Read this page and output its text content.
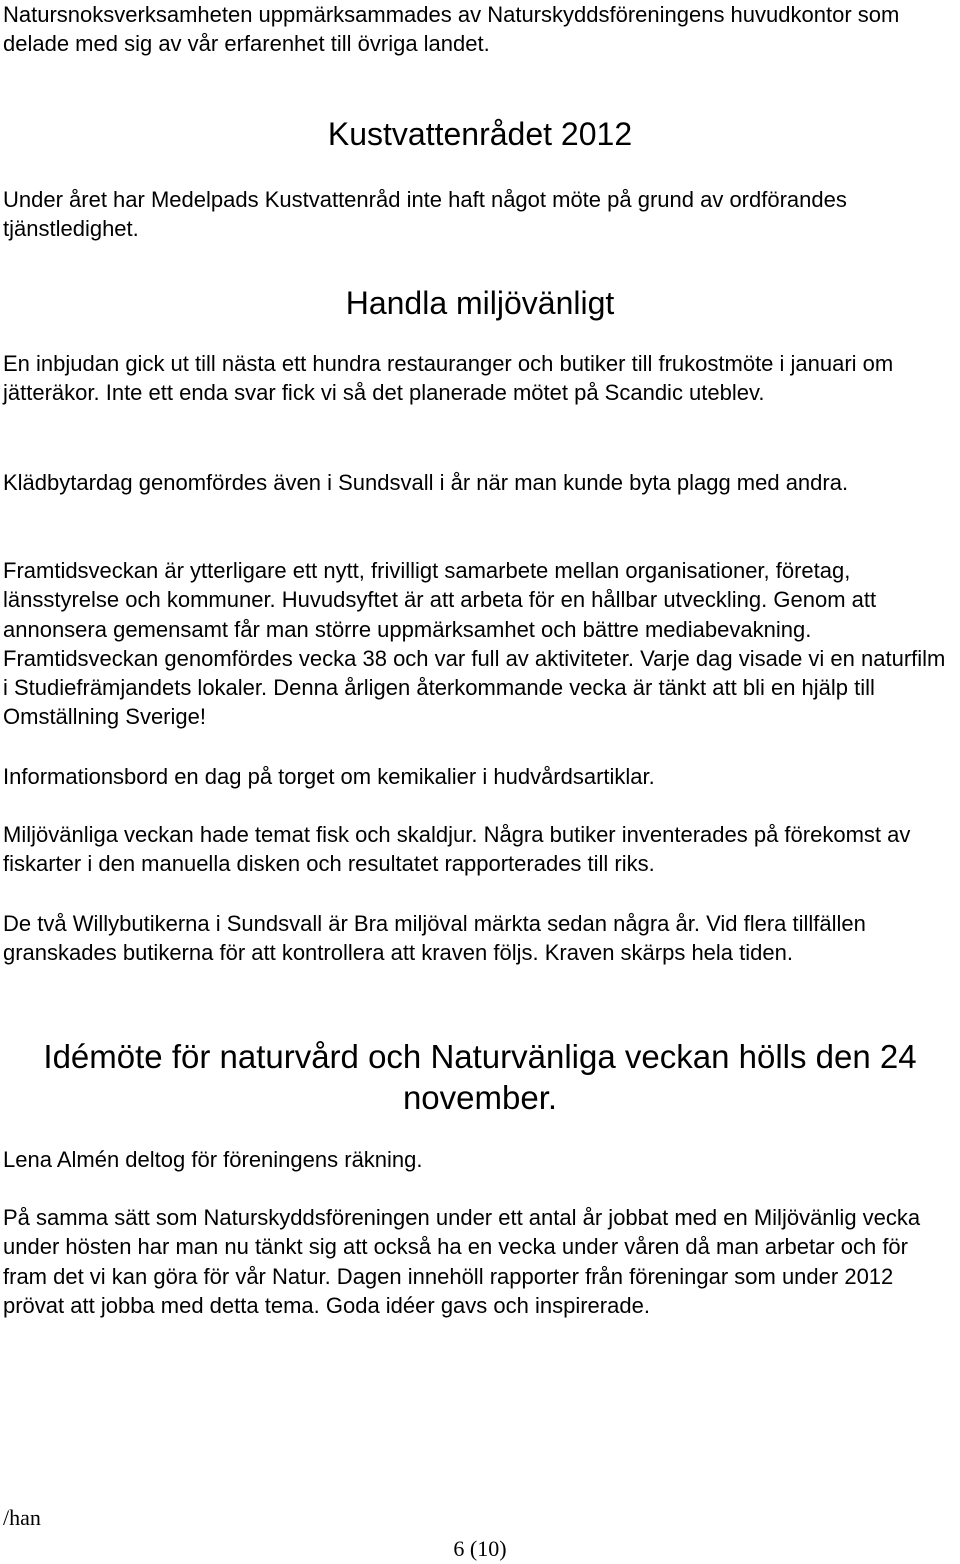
Natursnoksverksamheten uppmärksammades av Naturskyddsföreningens huvudkontor som delade med sig av vår erfarenhet till övriga landet.

Kustvattenrådet 2012

Under året har Medelpads Kustvattenråd inte haft något möte på grund av ordförandes tjänstledighet.

Handla miljövänligt

En inbjudan gick ut till nästa ett hundra restauranger och butiker till frukostmöte i januari om jätteräkor. Inte ett enda svar fick vi så det planerade mötet på Scandic uteblev.

Klädbytardag genomfördes även i Sundsvall i år när man kunde byta plagg med andra.

Framtidsveckan är ytterligare ett nytt, frivilligt samarbete mellan organisationer, företag, länsstyrelse och kommuner. Huvudsyftet är att arbeta för en hållbar utveckling. Genom att annonsera gemensamt får man större uppmärksamhet och bättre mediabevakning. Framtidsveckan genomfördes vecka 38 och var full av aktiviteter. Varje dag visade vi en naturfilm i Studiefrämjandets lokaler. Denna årligen återkommande vecka är tänkt att bli en hjälp till Omställning Sverige!

Informationsbord en dag på torget om kemikalier i hudvårdsartiklar.

Miljövänliga veckan hade temat fisk och skaldjur. Några butiker inventerades på förekomst av fiskarter i den manuella disken och resultatet rapporterades till riks.

De två Willybutikerna i Sundsvall är Bra miljöval märkta sedan några år. Vid flera tillfällen granskades butikerna för att kontrollera att kraven följs. Kraven skärps hela tiden.

Idémöte för naturvård och Naturvänliga veckan hölls den 24 november.

Lena Almén deltog för föreningens räkning.

På samma sätt som Naturskyddsföreningen under ett antal år jobbat med en Miljövänlig vecka under hösten har man nu tänkt sig att också ha en vecka under våren då man arbetar och för fram det vi kan göra för vår Natur. Dagen innehöll rapporter från föreningar som under 2012 prövat att jobba med detta tema. Goda idéer gavs och inspirerade.

/han
6 (10)
